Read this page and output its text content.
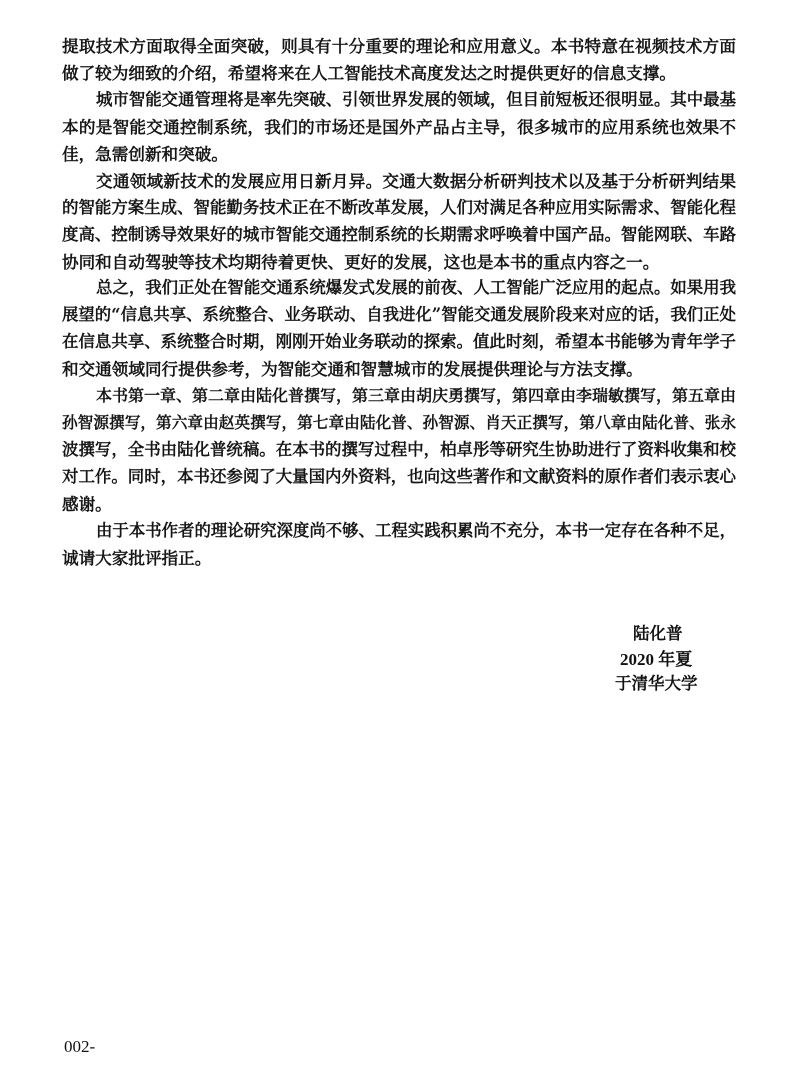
提取技术方面取得全面突破，则具有十分重要的理论和应用意义。本书特意在视频技术方面
做了较为细致的介绍，希望将来在人工智能技术高度发达之时提供更好的信息支撑。
城市智能交通管理将是率先突破、引领世界发展的领域，但目前短板还很明显。其中最基
本的是智能交通控制系统，我们的市场还是国外产品占主导，很多城市的应用系统也效果不
佳，急需创新和突破。
交通领域新技术的发展应用日新月异。交通大数据分析研判技术以及基于分析研判结果
的智能方案生成、智能勤务技术正在不断改革发展，人们对满足各种应用实际需求、智能化程
度高、控制诱导效果好的城市智能交通控制系统的长期需求呼唤着中国产品。智能网联、车路
协同和自动驾驶等技术均期待着更快、更好的发展，这也是本书的重点内容之一。
总之，我们正处在智能交通系统爆发式发展的前夜、人工智能广泛应用的起点。如果用我
展望的“信息共享、系统整合、业务联动、自我进化”智能交通发展阶段来对应的话，我们正处
在信息共享、系统整合时期，刚刚开始业务联动的探索。值此时刻，希望本书能够为青年学子
和交通领域同行提供参考，为智能交通和智慧城市的发展提供理论与方法支撑。
本书第一章、第二章由陆化普撰写，第三章由胡庆勇撰写，第四章由李瑞敏撰写，第五章由
孙智源撰写，第六章由赵英撰写，第七章由陆化普、孙智源、肖天正撰写，第八章由陆化普、张永
波撰写，全书由陆化普统稿。在本书的撰写过程中，柏卓彤等研究生协助进行了资料收集和校
对工作。同时，本书还参阅了大量国内外资料，也向这些著作和文献资料的原作者们表示衷心
感谢。
由于本书作者的理论研究深度尚不够、工程实践积累尚不充分，本书一定存在各种不足，
诚请大家批评指正。
陆化普
2020 年夏
于清华大学
002-
